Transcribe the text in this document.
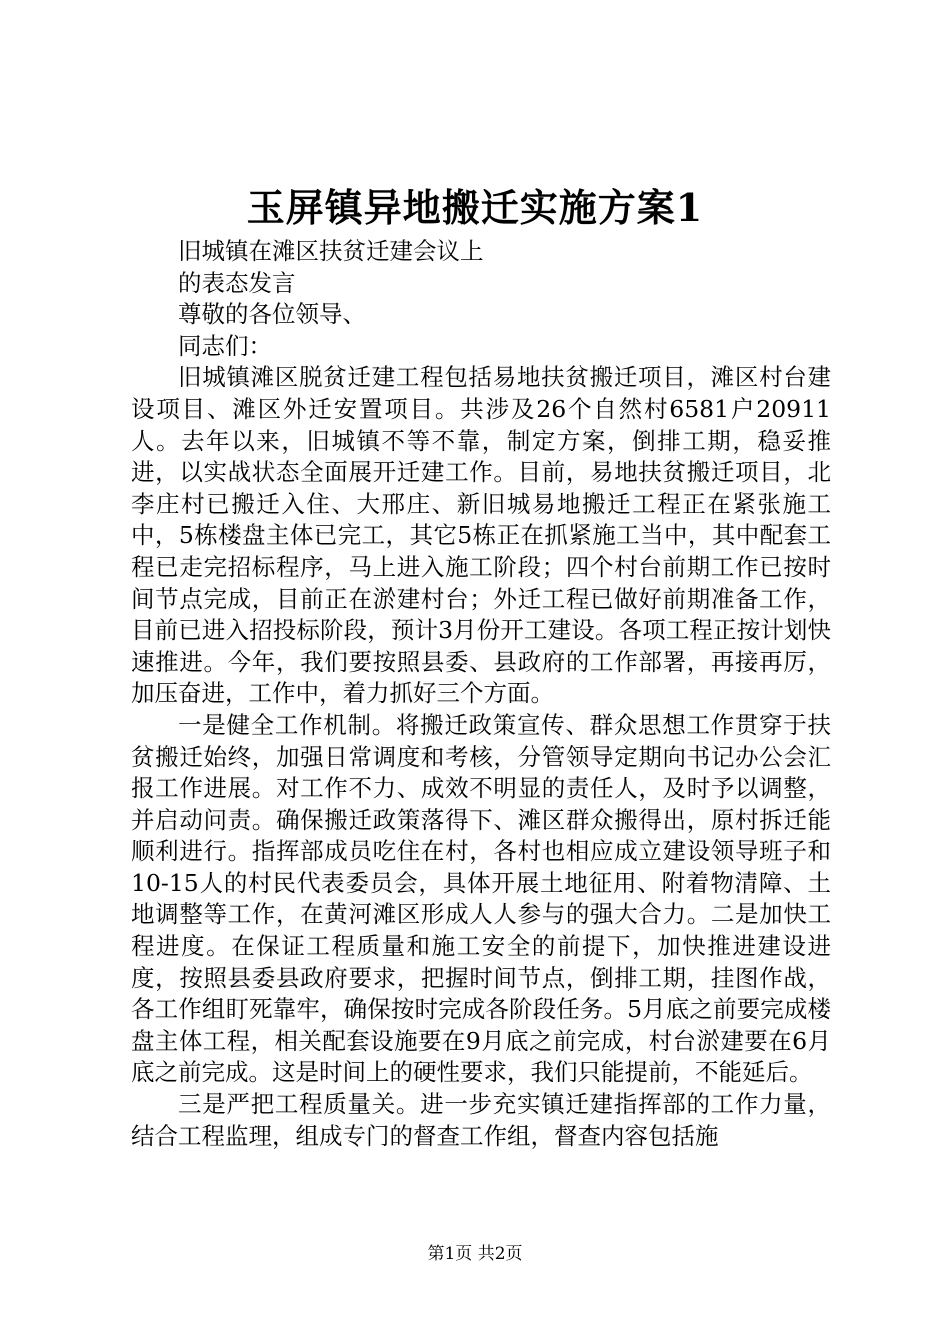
玉屏镇异地搬迁实施方案1

旧城镇在滩区扶贫迁建会议上

的表态发言

尊敬的各位领导、

同志们：

旧城镇滩区脱贫迁建工程包括易地扶贫搬迁项目，滩区村台建设项目、滩区外迁安置项目。共涉及26个自然村6581户20911人。去年以来，旧城镇不等不靠，制定方案，倒排工期，稳妥推进，以实战状态全面展开迁建工作。目前，易地扶贫搬迁项目，北李庄村已搬迁入住、大邢庄、新旧城易地搬迁工程正在紧张施工中，5栋楼盘主体已完工，其它5栋正在抓紧施工当中，其中配套工程已走完招标程序，马上进入施工阶段；四个村台前期工作已按时间节点完成，目前正在淤建村台；外迁工程已做好前期准备工作，目前已进入招投标阶段，预计3月份开工建设。各项工程正按计划快速推进。今年，我们要按照县委、县政府的工作部署，再接再厉，加压奋进，工作中，着力抓好三个方面。

一是健全工作机制。将搬迁政策宣传、群众思想工作贯穿于扶贫搬迁始终，加强日常调度和考核，分管领导定期向书记办公会汇报工作进展。对工作不力、成效不明显的责任人，及时予以调整，并启动问责。确保搬迁政策落得下、滩区群众搬得出，原村拆迁能顺利进行。指挥部成员吃住在村，各村也相应成立建设领导班子和10-15人的村民代表委员会，具体开展土地征用、附着物清障、土地调整等工作，在黄河滩区形成人人参与的强大合力。二是加快工程进度。在保证工程质量和施工安全的前提下，加快推进建设进度，按照县委县政府要求，把握时间节点，倒排工期，挂图作战，各工作组盯死靠牢，确保按时完成各阶段任务。5月底之前要完成楼盘主体工程，相关配套设施要在9月底之前完成，村台淤建要在6月底之前完成。这是时间上的硬性要求，我们只能提前，不能延后。

三是严把工程质量关。进一步充实镇迁建指挥部的工作力量，结合工程监理，组成专门的督查工作组，督查内容包括施

第1页 共2页
